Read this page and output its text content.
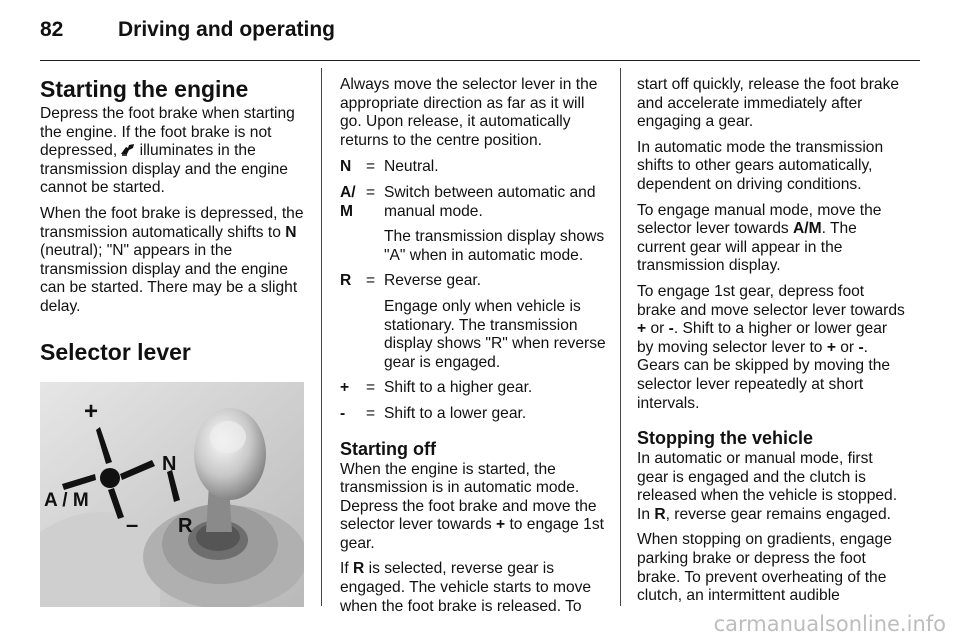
82	Driving and operating
Starting the engine

Depress the foot brake when starting the engine. If the foot brake is not depressed,  illuminates in the transmission display and the engine cannot be started.

When the foot brake is depressed, the transmission automatically shifts to N (neutral); "N" appears in the transmission display and the engine can be started. There may be a slight delay.

Selector lever
+
N
A / M
– R

Always move the selector lever in the appropriate direction as far as it will go. Upon release, it automatically returns to the centre position.

N = Neutral.
A/ M
= Switch between automatic and manual mode.
The transmission display shows "A" when in automatic mode.
R = Reverse gear.
Engage only when vehicle is stationary. The transmission display shows "R" when reverse gear is engaged.
+	= Shift to a higher gear.
-	= Shift to a lower gear.
Starting off

When the engine is started, the transmission is in automatic mode. Depress the foot brake and move the selector lever towards + to engage 1st gear.

If R is selected, reverse gear is engaged. The vehicle starts to move when the foot brake is released. To

start off quickly, release the foot brake and accelerate immediately after engaging a gear.

In automatic mode the transmission shifts to other gears automatically, dependent on driving conditions.

To engage manual mode, move the selector lever towards A/M. The current gear will appear in the transmission display.

To engage 1st gear, depress foot brake and move selector lever towards + or -. Shift to a higher or lower gear by moving selector lever to + or -. Gears can be skipped by moving the selector lever repeatedly at short intervals.

Stopping the vehicle

In automatic or manual mode, first gear is engaged and the clutch is released when the vehicle is stopped.

In R, reverse gear remains engaged.

When stopping on gradients, engage parking brake or depress the foot brake. To prevent overheating of the clutch, an intermittent audible

carmanualsonline.info
